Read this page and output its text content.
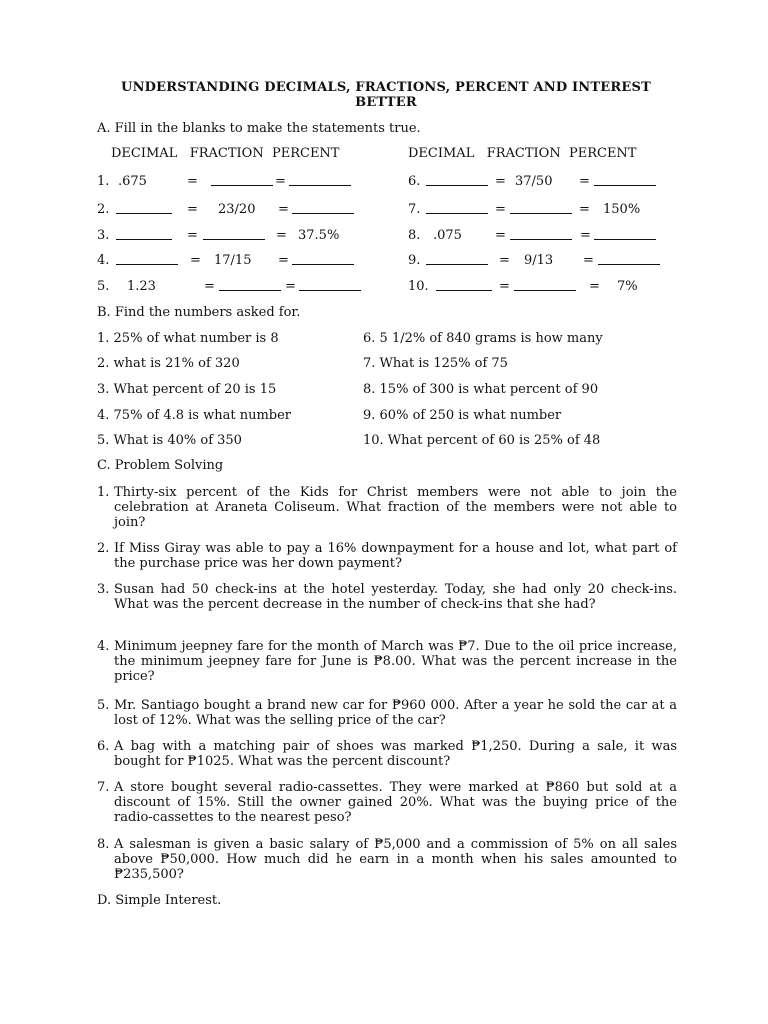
UNDERSTANDING DECIMALS, FRACTIONS, PERCENT AND INTEREST
BETTER
A. Fill in the blanks to make the statements true.
DECIMAL   FRACTION  PERCENT	DECIMAL   FRACTION  PERCENT
1. .675	=	=
2.	= 23/20 =
3.	=	= 37.5%
4.	= 17/15 =
5. 1.23	=	=
6.	= 37/50 =
7.	=	= 150%
8. .075	=	=
9.	= 9/13 =
10.	=	= 7%
B. Find the numbers asked for.
1. 25% of what number is 8
2. what is 21% of 320
3. What percent of 20 is 15
4. 75% of 4.8 is what number
5. What is 40% of 350
6. 5 1/2% of 840 grams is how many
7. What is 125% of 75
8. 15% of 300 is what percent of 90
9. 60% of 250 is what number
10. What percent of 60 is 25% of 48
C. Problem Solving
1. Thirty-six percent of the Kids for Christ members were not able to join the celebration at Araneta Coliseum. What fraction of the members were not able to join?
2. If Miss Giray was able to pay a 16% downpayment for a house and lot, what part of the purchase price was her down payment?
3. Susan had 50 check-ins at the hotel yesterday. Today, she had only 20 check-ins. What was the percent decrease in the number of check-ins that she had?
4. Minimum jeepney fare for the month of March was ₱7. Due to the oil price increase, the minimum jeepney fare for June is ₱8.00. What was the percent increase in the price?
5. Mr. Santiago bought a brand new car for ₱960 000. After a year he sold the car at a lost of 12%. What was the selling price of the car?
6. A bag with a matching pair of shoes was marked ₱1,250. During a sale, it was bought for ₱1025. What was the percent discount?
7. A store bought several radio-cassettes. They were marked at ₱860 but sold at a discount of 15%. Still the owner gained 20%. What was the buying price of the radio-cassettes to the nearest peso?
8. A salesman is given a basic salary of ₱5,000 and a commission of 5% on all sales above ₱50,000. How much did he earn in a month when his sales amounted to ₱235,500?
D. Simple Interest.
